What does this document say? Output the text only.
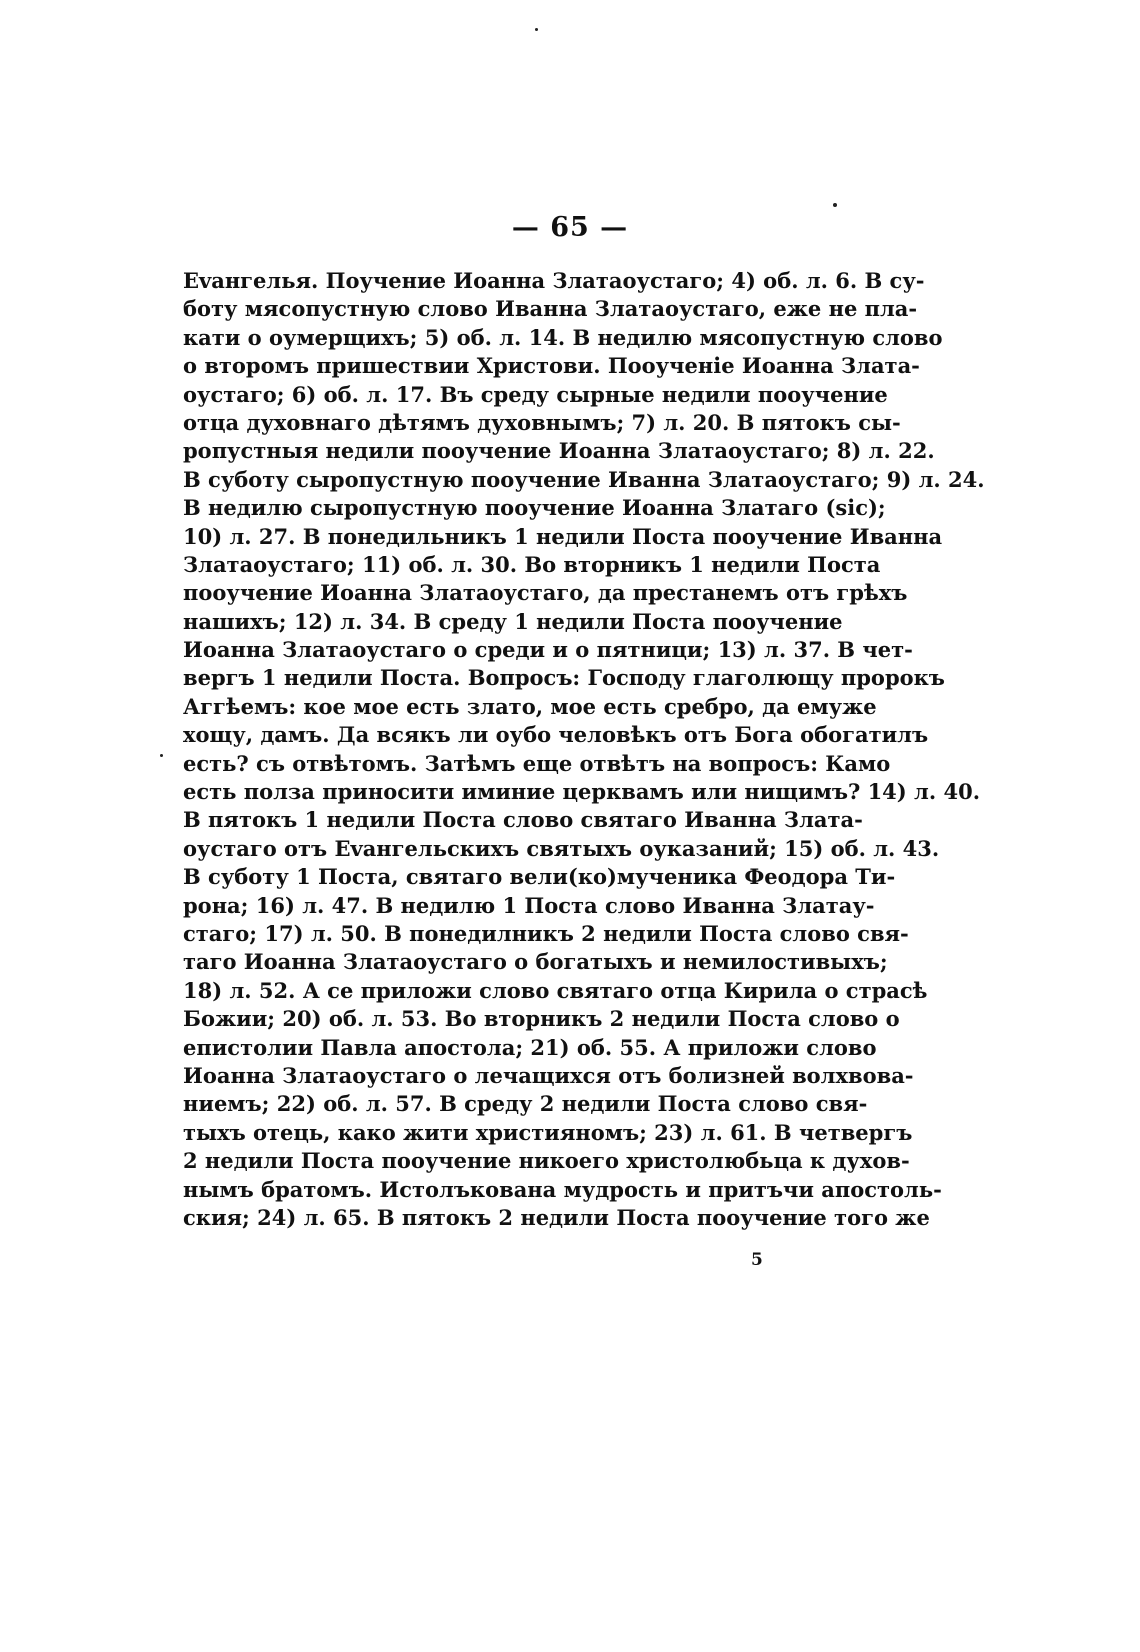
— 65 —
Еvангелья. Поучение Иоанна Златаоустаго; 4) об. л. 6. В су-
боту мясопустную слово Иванна Златаоустаго, еже не пла-
кати о оумерщихъ; 5) об. л. 14. В недилю мясопустную слово
о второмъ пришествии Христови. Пооученіе Иоанна Злата-
оустаго; 6) об. л. 17. Въ среду сырные недили пооучение
отца духовнаго дѣтямъ духовнымъ; 7) л. 20. В пятокъ сы-
ропустныя недили пооучение Иоанна Златаоустаго; 8) л. 22.
В суботу сыропустную пооучение Иванна Златаоустаго; 9) л. 24.
В недилю сыропустную пооучение Иоанна Златаго (sic);
10) л. 27. В понедильникъ 1 недили Поста пооучение Иванна
Златаоустаго; 11) об. л. 30. Во вторникъ 1 недили Поста
пооучение Иоанна Златаоустаго, да престанемъ отъ грѣхъ
нашихъ; 12) л. 34. В среду 1 недили Поста пооучение
Иоанна Златаоустаго о среди и о пятници; 13) л. 37. В чет-
вергъ 1 недили Поста. Вопросъ: Господу глаголющу пророкъ
Аггѣемъ: кое мое есть злато, мое есть сребро, да емуже
хощу, дамъ. Да всякъ ли оубо человѣкъ отъ Бога обогатилъ
есть? съ отвѣтомъ. Затѣмъ еще отвѣтъ на вопросъ: Камо
есть полза приносити иминие церквамъ или нищимъ? 14) л. 40.
В пятокъ 1 недили Поста слово святаго Иванна Злата-
оустаго отъ Еvангельскихъ святыхъ оуказаний; 15) об. л. 43.
В суботу 1 Поста, святаго вели(ко)мученика Феодора Ти-
рона; 16) л. 47. В недилю 1 Поста слово Иванна Златау-
стаго; 17) л. 50. В понедилникъ 2 недили Поста слово свя-
таго Иоанна Златаоустаго о богатыхъ и немилостивыхъ;
18) л. 52. А се приложи слово святаго отца Кирила о страсѣ
Божии; 20) об. л. 53. Во вторникъ 2 недили Поста слово о
епистолии Павла апостола; 21) об. 55. А приложи слово
Иоанна Златаоустаго о лечащихся отъ болизней волхвова-
ниемъ; 22) об. л. 57. В среду 2 недили Поста слово свя-
тыхъ отець, како жити християномъ; 23) л. 61. В четвергъ
2 недили Поста пооучение никоего христолюбьца к духов-
нымъ братомъ. Истолъкована мудрость и притъчи апостоль-
ския; 24) л. 65. В пятокъ 2 недили Поста пооучение того же
5
